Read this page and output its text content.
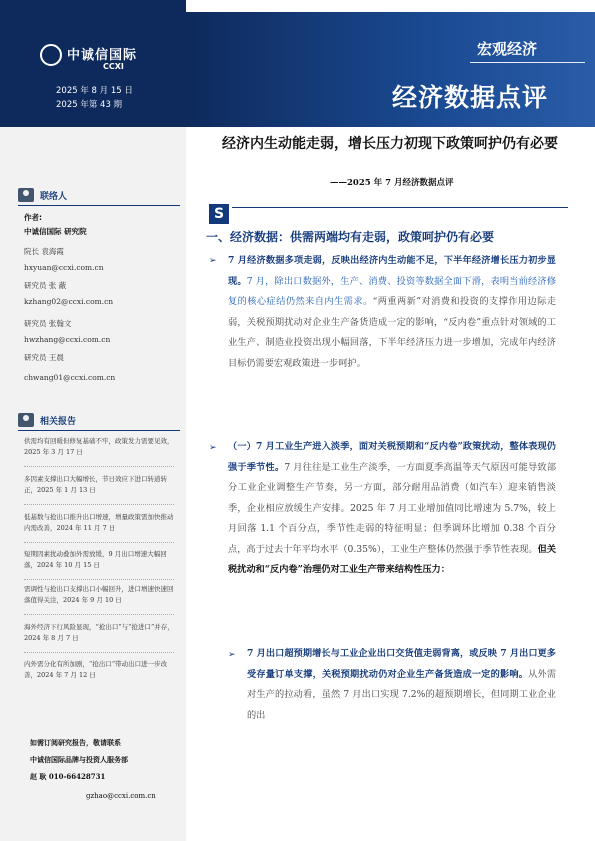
中诚信国际
CCXI
2025 年 8 月 15 日
2025 年第 43 期
宏观经济
经济数据点评
经济内生动能走弱，增长压力初现下政策呵护仍有必要
——2025 年 7 月经济数据点评
联络人
作者:
中诚信国际 研究院
院长 袁海霞
hxyuan@ccxi.com.cn
研究员 张 蔽
kzhang02@ccxi.com.cn
研究员 张翰文
hwzhang@ccxi.com.cn
研究员 王晨
chwang01@ccxi.com.cn
相关报告
供需均有回暖但修复基础不牢，政策发力需要见效，2025 年 3 月 17 日
多因素支撑出口大幅增长，节日效应下进口转道转正，2025 年 1 月 13 日
低基数与抢出口推升出口增速，增量政策需加快推动内需改善，2024 年 11 月 7 日
短期因素扰动叠加外需放缓，9 月出口增速大幅回落，2024 年 10 月 15 日
需调性与抢出口支撑出口小幅回升，进口增速快速回落值得关注，2024 年 9 月 10 日
海外经济下行风险显现，“抢出口”与“抢进口”并存，2024 年 8 月 7 日
内外需分化有所加剧，“抢出口”带动出口进一步改善，2024 年 7 月 12 日
如需订阅研究报告，敬请联系
中诚信国际品牌与投资人服务部
赵 耿 010-66428731
gzhao@ccxi.com.cn
S
一、经济数据：供需两端均有走弱，政策呵护仍有必要
➢ 7 月经济数据多项走弱，反映出经济内生动能不足，下半年经济增长压力初步显现。7 月，除出口数据外，生产、消费、投资等数据全面下滑，表明当前经济修复的核心症结仍然来自内生需求。“两重两新”对消费和投资的支撑作用边际走弱，关税预期扰动对企业生产备货造成一定的影响，“反内卷”重点针对领域的工业生产、制造业投资出现小幅回落，下半年经济压力进一步增加，完成年内经济目标仍需要宏观政策进一步呵护。
➢ （一）7 月工业生产进入淡季，面对关税预期和“反内卷”政策扰动，整体表现仍强于季节性。7 月往往是工业生产淡季，一方面夏季高温等天气原因可能导致部分工业企业调整生产节奏，另一方面，部分耐用品消费（如汽车）迎来销售淡季，企业相应放缓生产安排。2025 年 7 月工业增加值同比增速为 5.7%，较上月回落 1.1 个百分点，季节性走弱的特征明显；但季调环比增加 0.38 个百分点，高于过去十年平均水平（0.35%），工业生产整体仍然强于季节性表现。但关税扰动和“反内卷”治理仍对工业生产带来结构性压力：
➢ 7 月出口超预期增长与工业企业出口交货值走弱背离，或反映 7 月出口更多受存量订单支撑，关税预期扰动仍对企业生产备货造成一定的影响。从外需对生产的拉动看，虽然 7 月出口实现 7.2%的超预期增长，但同期工业企业的出
